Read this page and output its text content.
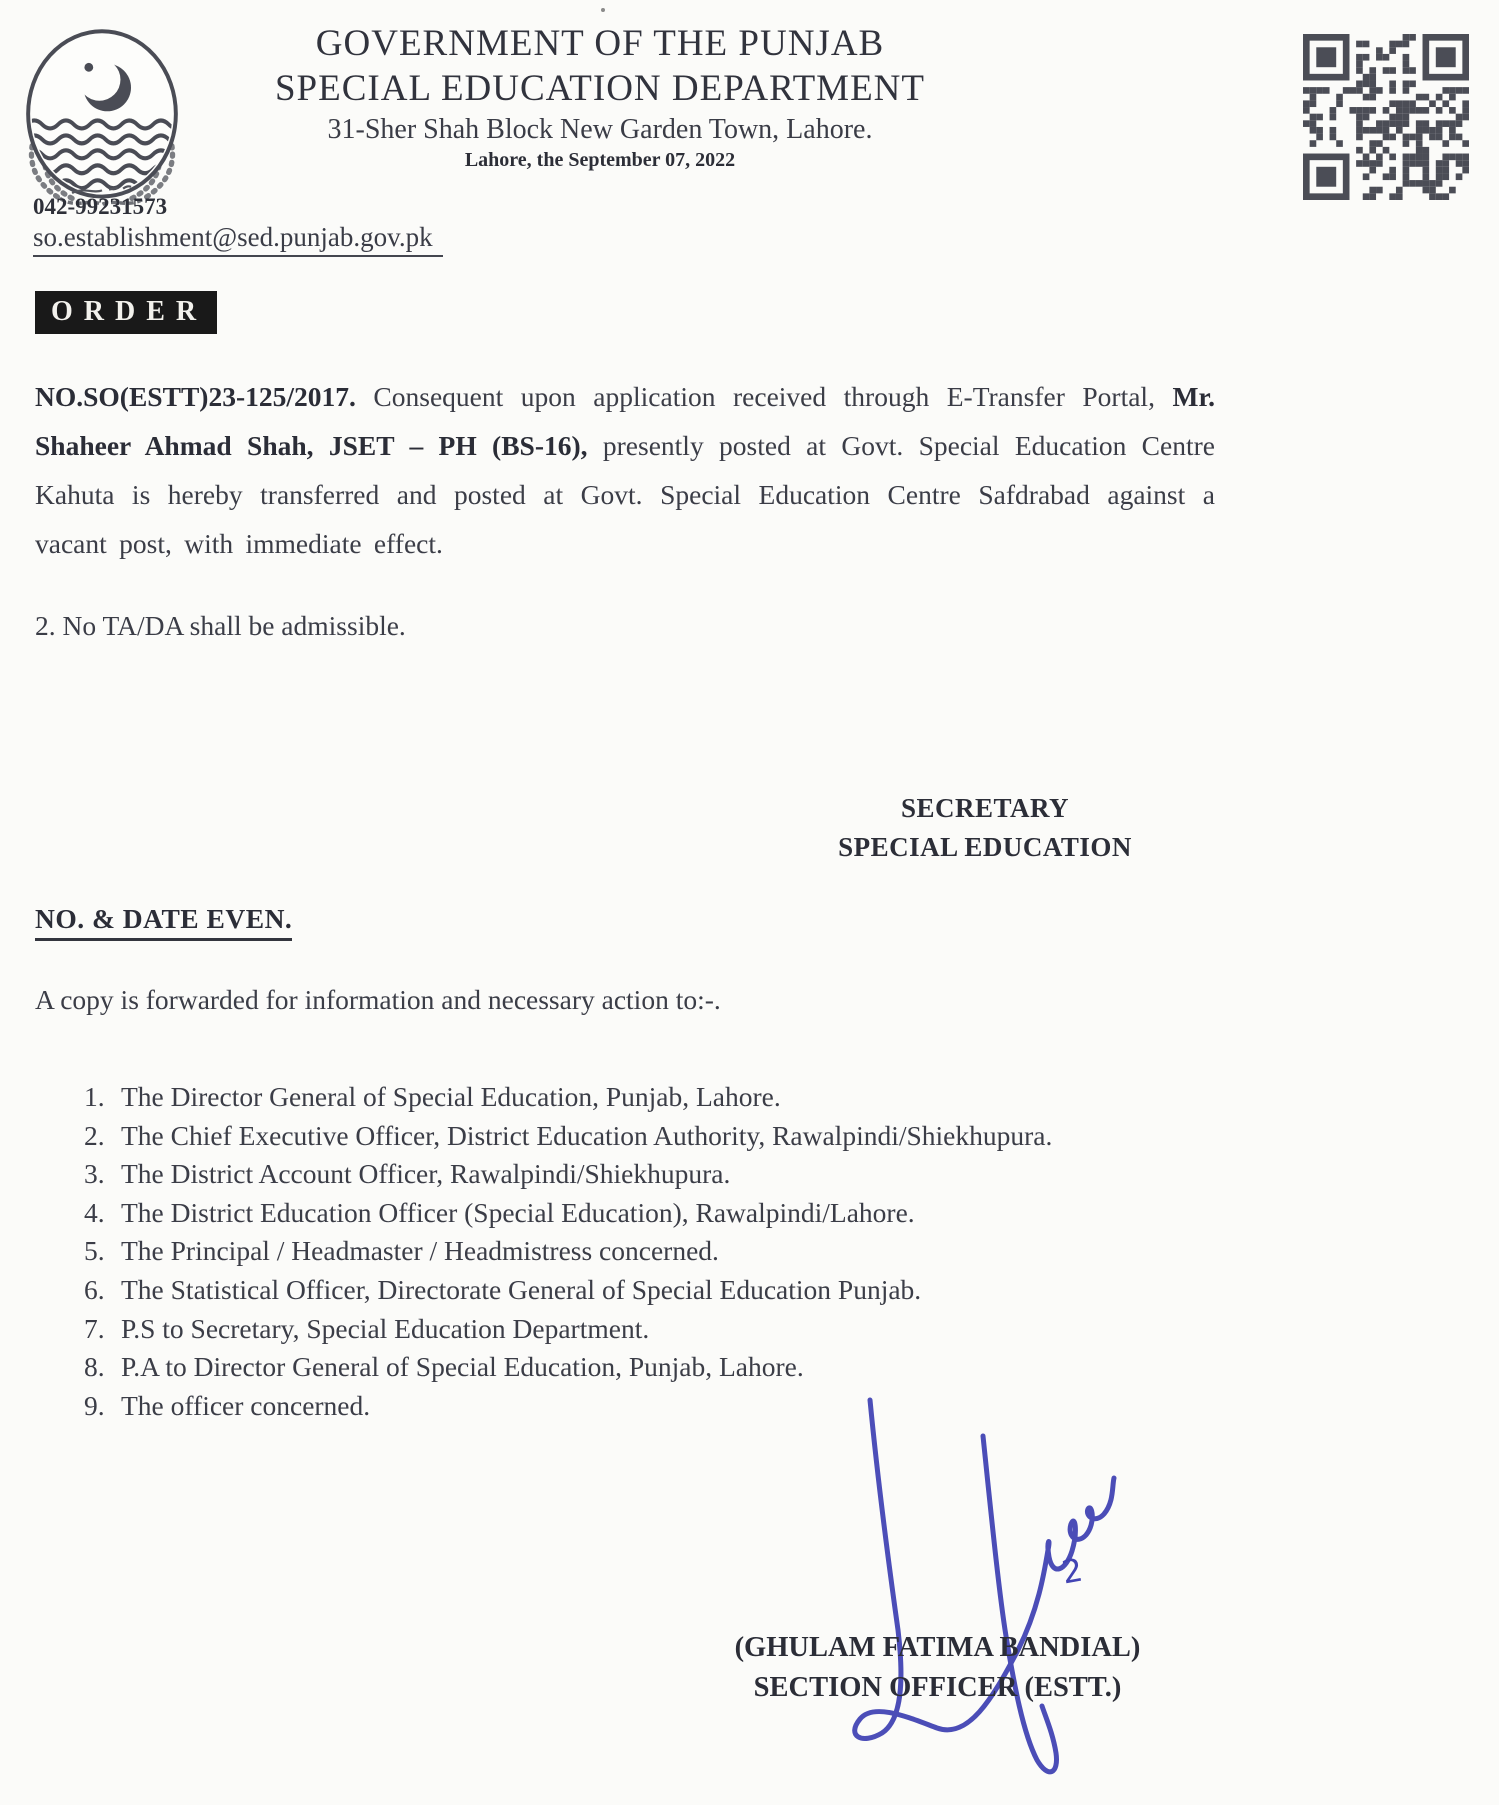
GOVERNMENT OF THE PUNJAB
SPECIAL EDUCATION DEPARTMENT
31-Sher Shah Block New Garden Town, Lahore.
Lahore, the September 07, 2022
042-99231573
so.establishment@sed.punjab.gov.pk
ORDER
NO.SO(ESTT)23-125/2017. Consequent upon application received through E-Transfer Portal, Mr. Shaheer Ahmad Shah, JSET – PH (BS-16), presently posted at Govt. Special Education Centre Kahuta is hereby transferred and posted at Govt. Special Education Centre Safdrabad against a vacant post, with immediate effect.
2. No TA/DA shall be admissible.
SECRETARY
SPECIAL EDUCATION
NO. & DATE EVEN.
A copy is forwarded for information and necessary action to:-.
1. The Director General of Special Education, Punjab, Lahore.
2. The Chief Executive Officer, District Education Authority, Rawalpindi/Shiekhupura.
3. The District Account Officer, Rawalpindi/Shiekhupura.
4. The District Education Officer (Special Education), Rawalpindi/Lahore.
5. The Principal / Headmaster / Headmistress concerned.
6. The Statistical Officer, Directorate General of Special Education Punjab.
7. P.S to Secretary, Special Education Department.
8. P.A to Director General of Special Education, Punjab, Lahore.
9. The officer concerned.
2
(GHULAM FATIMA BANDIAL)
SECTION OFFICER (ESTT.)
